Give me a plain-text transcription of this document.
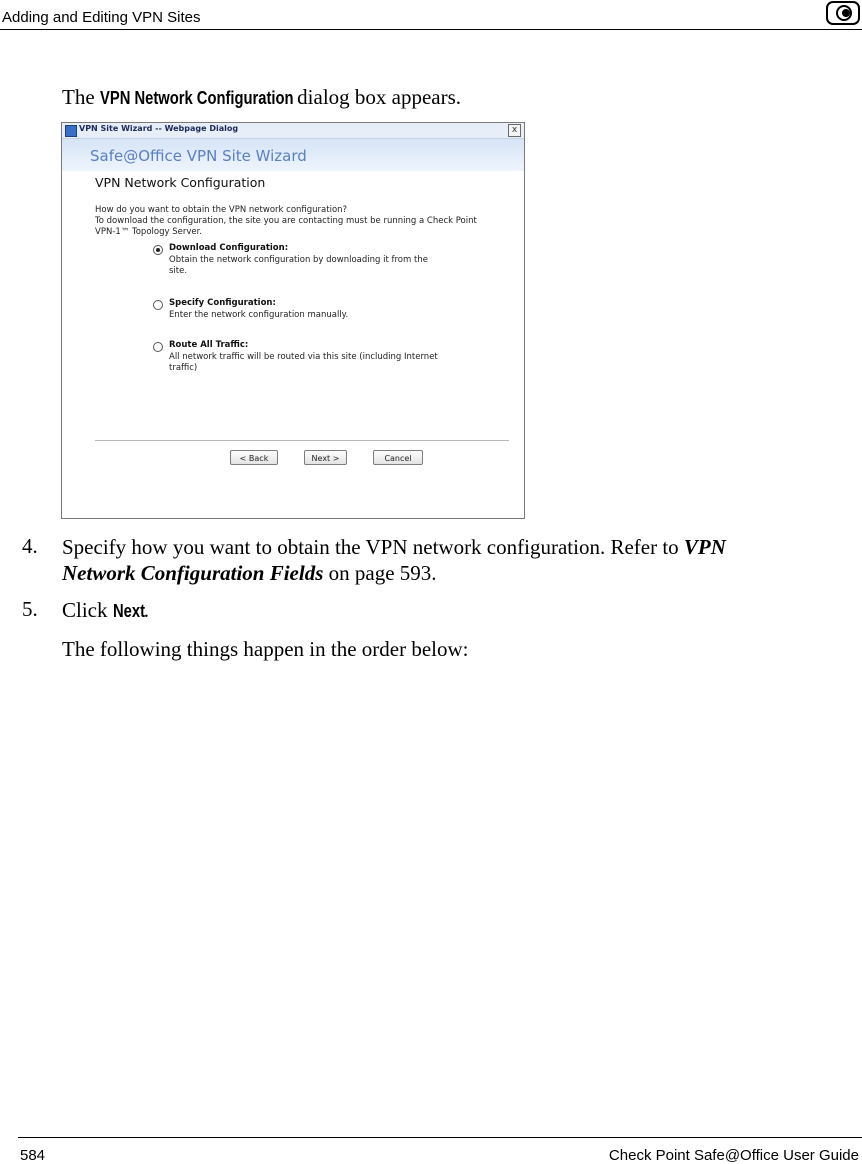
Adding and Editing VPN Sites
The VPN Network Configuration dialog box appears.
VPN Site Wizard -- Webpage Dialog	x
Safe@Office VPN Site Wizard
VPN Network Configuration
How do you want to obtain the VPN network configuration?
To download the configuration, the site you are contacting must be running a Check Point
VPN-1™ Topology Server.
Download Configuration:
Obtain the network configuration by downloading it from the
site.
Specify Configuration:
Enter the network configuration manually.
Route All Traffic:
All network traffic will be routed via this site (including Internet
traffic)
< Back	Next >	Cancel
4. Specify how you want to obtain the VPN network configuration. Refer to VPN
Network Configuration Fields on page 593.
5. Click Next.
The following things happen in the order below:
584	Check Point Safe@Office User Guide
